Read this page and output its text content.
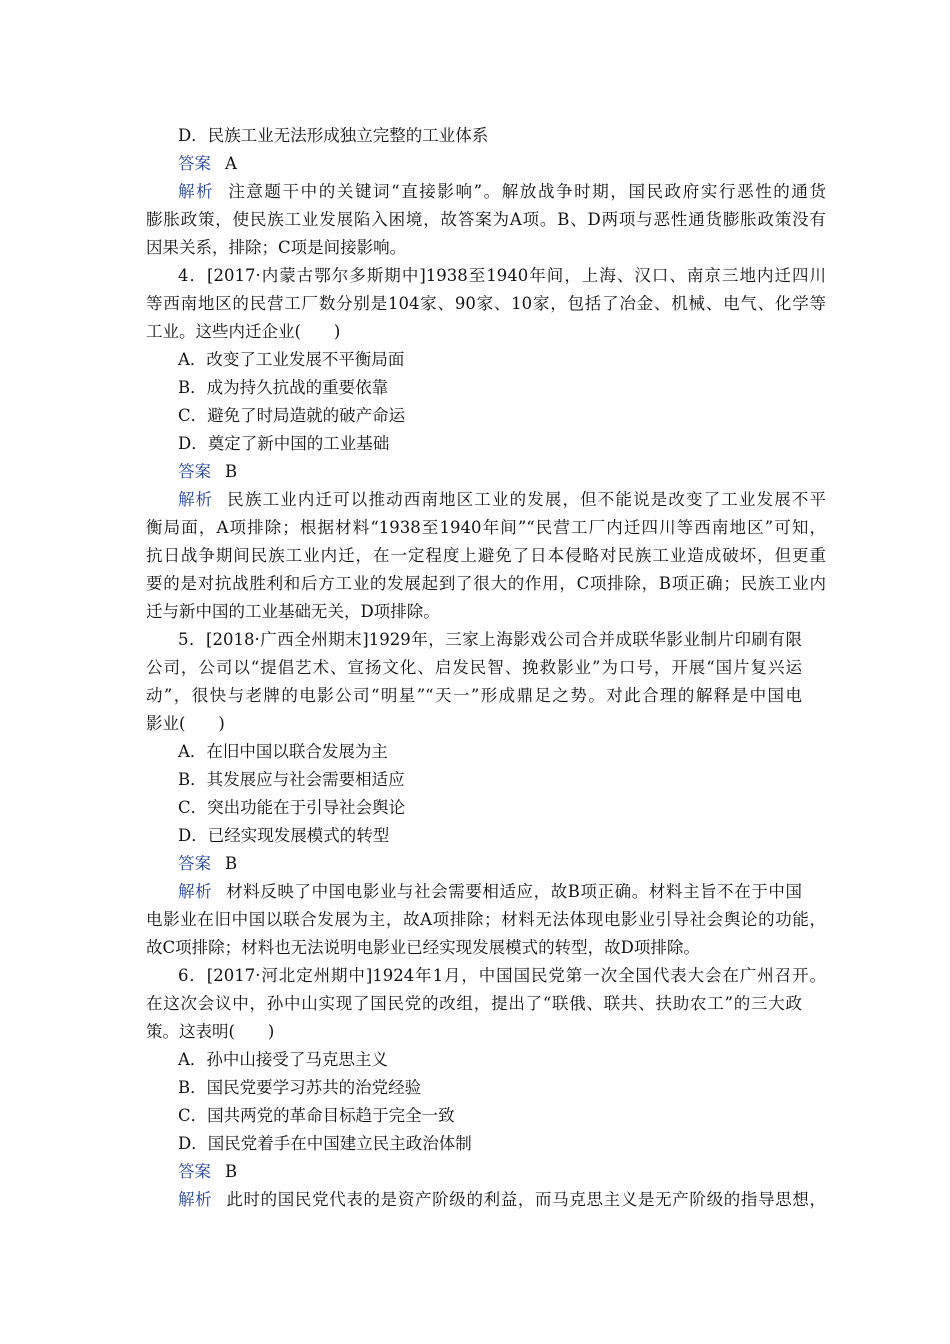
D．民族工业无法形成独立完整的工业体系
答案 A
解析 注意题干中的关键词“直接影响”。解放战争时期，国民政府实行恶性的通货
膨胀政策，使民族工业发展陷入困境，故答案为A项。B、D两项与恶性通货膨胀政策没有
因果关系，排除；C项是间接影响。
4．[2017·内蒙古鄂尔多斯期中]1938至1940年间，上海、汉口、南京三地内迁四川
等西南地区的民营工厂数分别是104家、90家、10家，包括了冶金、机械、电气、化学等
工业。这些内迁企业(　　)
A．改变了工业发展不平衡局面
B．成为持久抗战的重要依靠
C．避免了时局造就的破产命运
D．奠定了新中国的工业基础
答案 B
解析 民族工业内迁可以推动西南地区工业的发展，但不能说是改变了工业发展不平
衡局面，A项排除；根据材料“1938至1940年间”“民营工厂内迁四川等西南地区”可知，
抗日战争期间民族工业内迁，在一定程度上避免了日本侵略对民族工业造成破坏，但更重
要的是对抗战胜利和后方工业的发展起到了很大的作用，C项排除，B项正确；民族工业内
迁与新中国的工业基础无关，D项排除。
5．[2018·广西全州期末]1929年，三家上海影戏公司合并成联华影业制片印刷有限
公司，公司以“提倡艺术、宣扬文化、启发民智、挽救影业”为口号，开展“国片复兴运
动”，很快与老牌的电影公司“明星”“天一”形成鼎足之势。对此合理的解释是中国电
影业(　　)
A．在旧中国以联合发展为主
B．其发展应与社会需要相适应
C．突出功能在于引导社会舆论
D．已经实现发展模式的转型
答案 B
解析 材料反映了中国电影业与社会需要相适应，故B项正确。材料主旨不在于中国
电影业在旧中国以联合发展为主，故A项排除；材料无法体现电影业引导社会舆论的功能，
故C项排除；材料也无法说明电影业已经实现发展模式的转型，故D项排除。
6．[2017·河北定州期中]1924年1月，中国国民党第一次全国代表大会在广州召开。
在这次会议中，孙中山实现了国民党的改组，提出了“联俄、联共、扶助农工”的三大政
策。这表明(　　)
A．孙中山接受了马克思主义
B．国民党要学习苏共的治党经验
C．国共两党的革命目标趋于完全一致
D．国民党着手在中国建立民主政治体制
答案 B
解析 此时的国民党代表的是资产阶级的利益，而马克思主义是无产阶级的指导思想，
